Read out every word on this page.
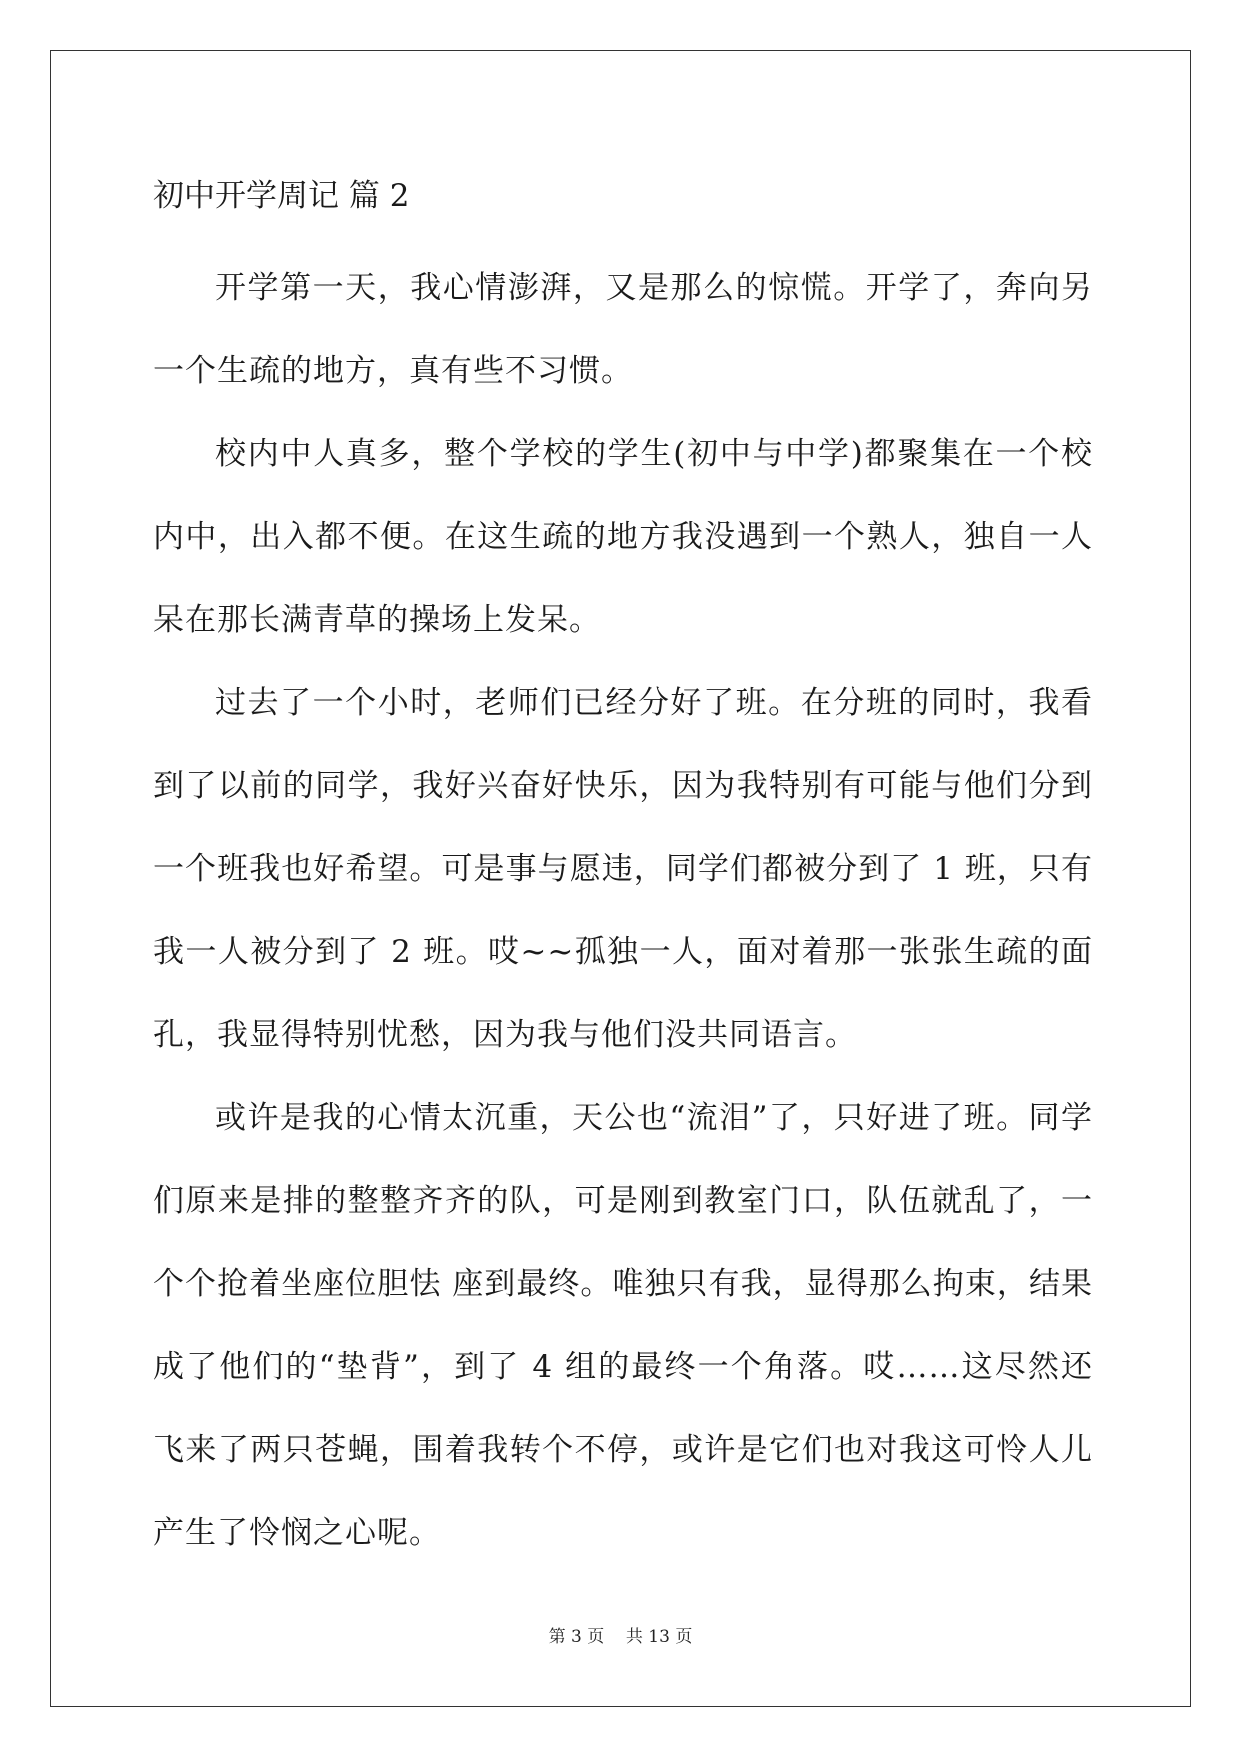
初中开学周记 篇 2

开学第一天，我心情澎湃，又是那么的惊慌。开学了，奔向另一个生疏的地方，真有些不习惯。

校内中人真多，整个学校的学生(初中与中学)都聚集在一个校内中，出入都不便。在这生疏的地方我没遇到一个熟人，独自一人呆在那长满青草的操场上发呆。

过去了一个小时，老师们已经分好了班。在分班的同时，我看到了以前的同学，我好兴奋好快乐，因为我特别有可能与他们分到一个班我也好希望。可是事与愿违，同学们都被分到了 1 班，只有我一人被分到了 2 班。哎~~孤独一人，面对着那一张张生疏的面孔，我显得特别忧愁，因为我与他们没共同语言。

或许是我的心情太沉重，天公也“流泪”了，只好进了班。同学们原来是排的整整齐齐的队，可是刚到教室门口，队伍就乱了，一个个抢着坐座位胆怯 座到最终。唯独只有我，显得那么拘束，结果成了他们的“垫背”，到了 4 组的最终一个角落。哎……这尽然还飞来了两只苍蝇，围着我转个不停，或许是它们也对我这可怜人儿产生了怜悯之心呢。

第 3 页    共 13 页
